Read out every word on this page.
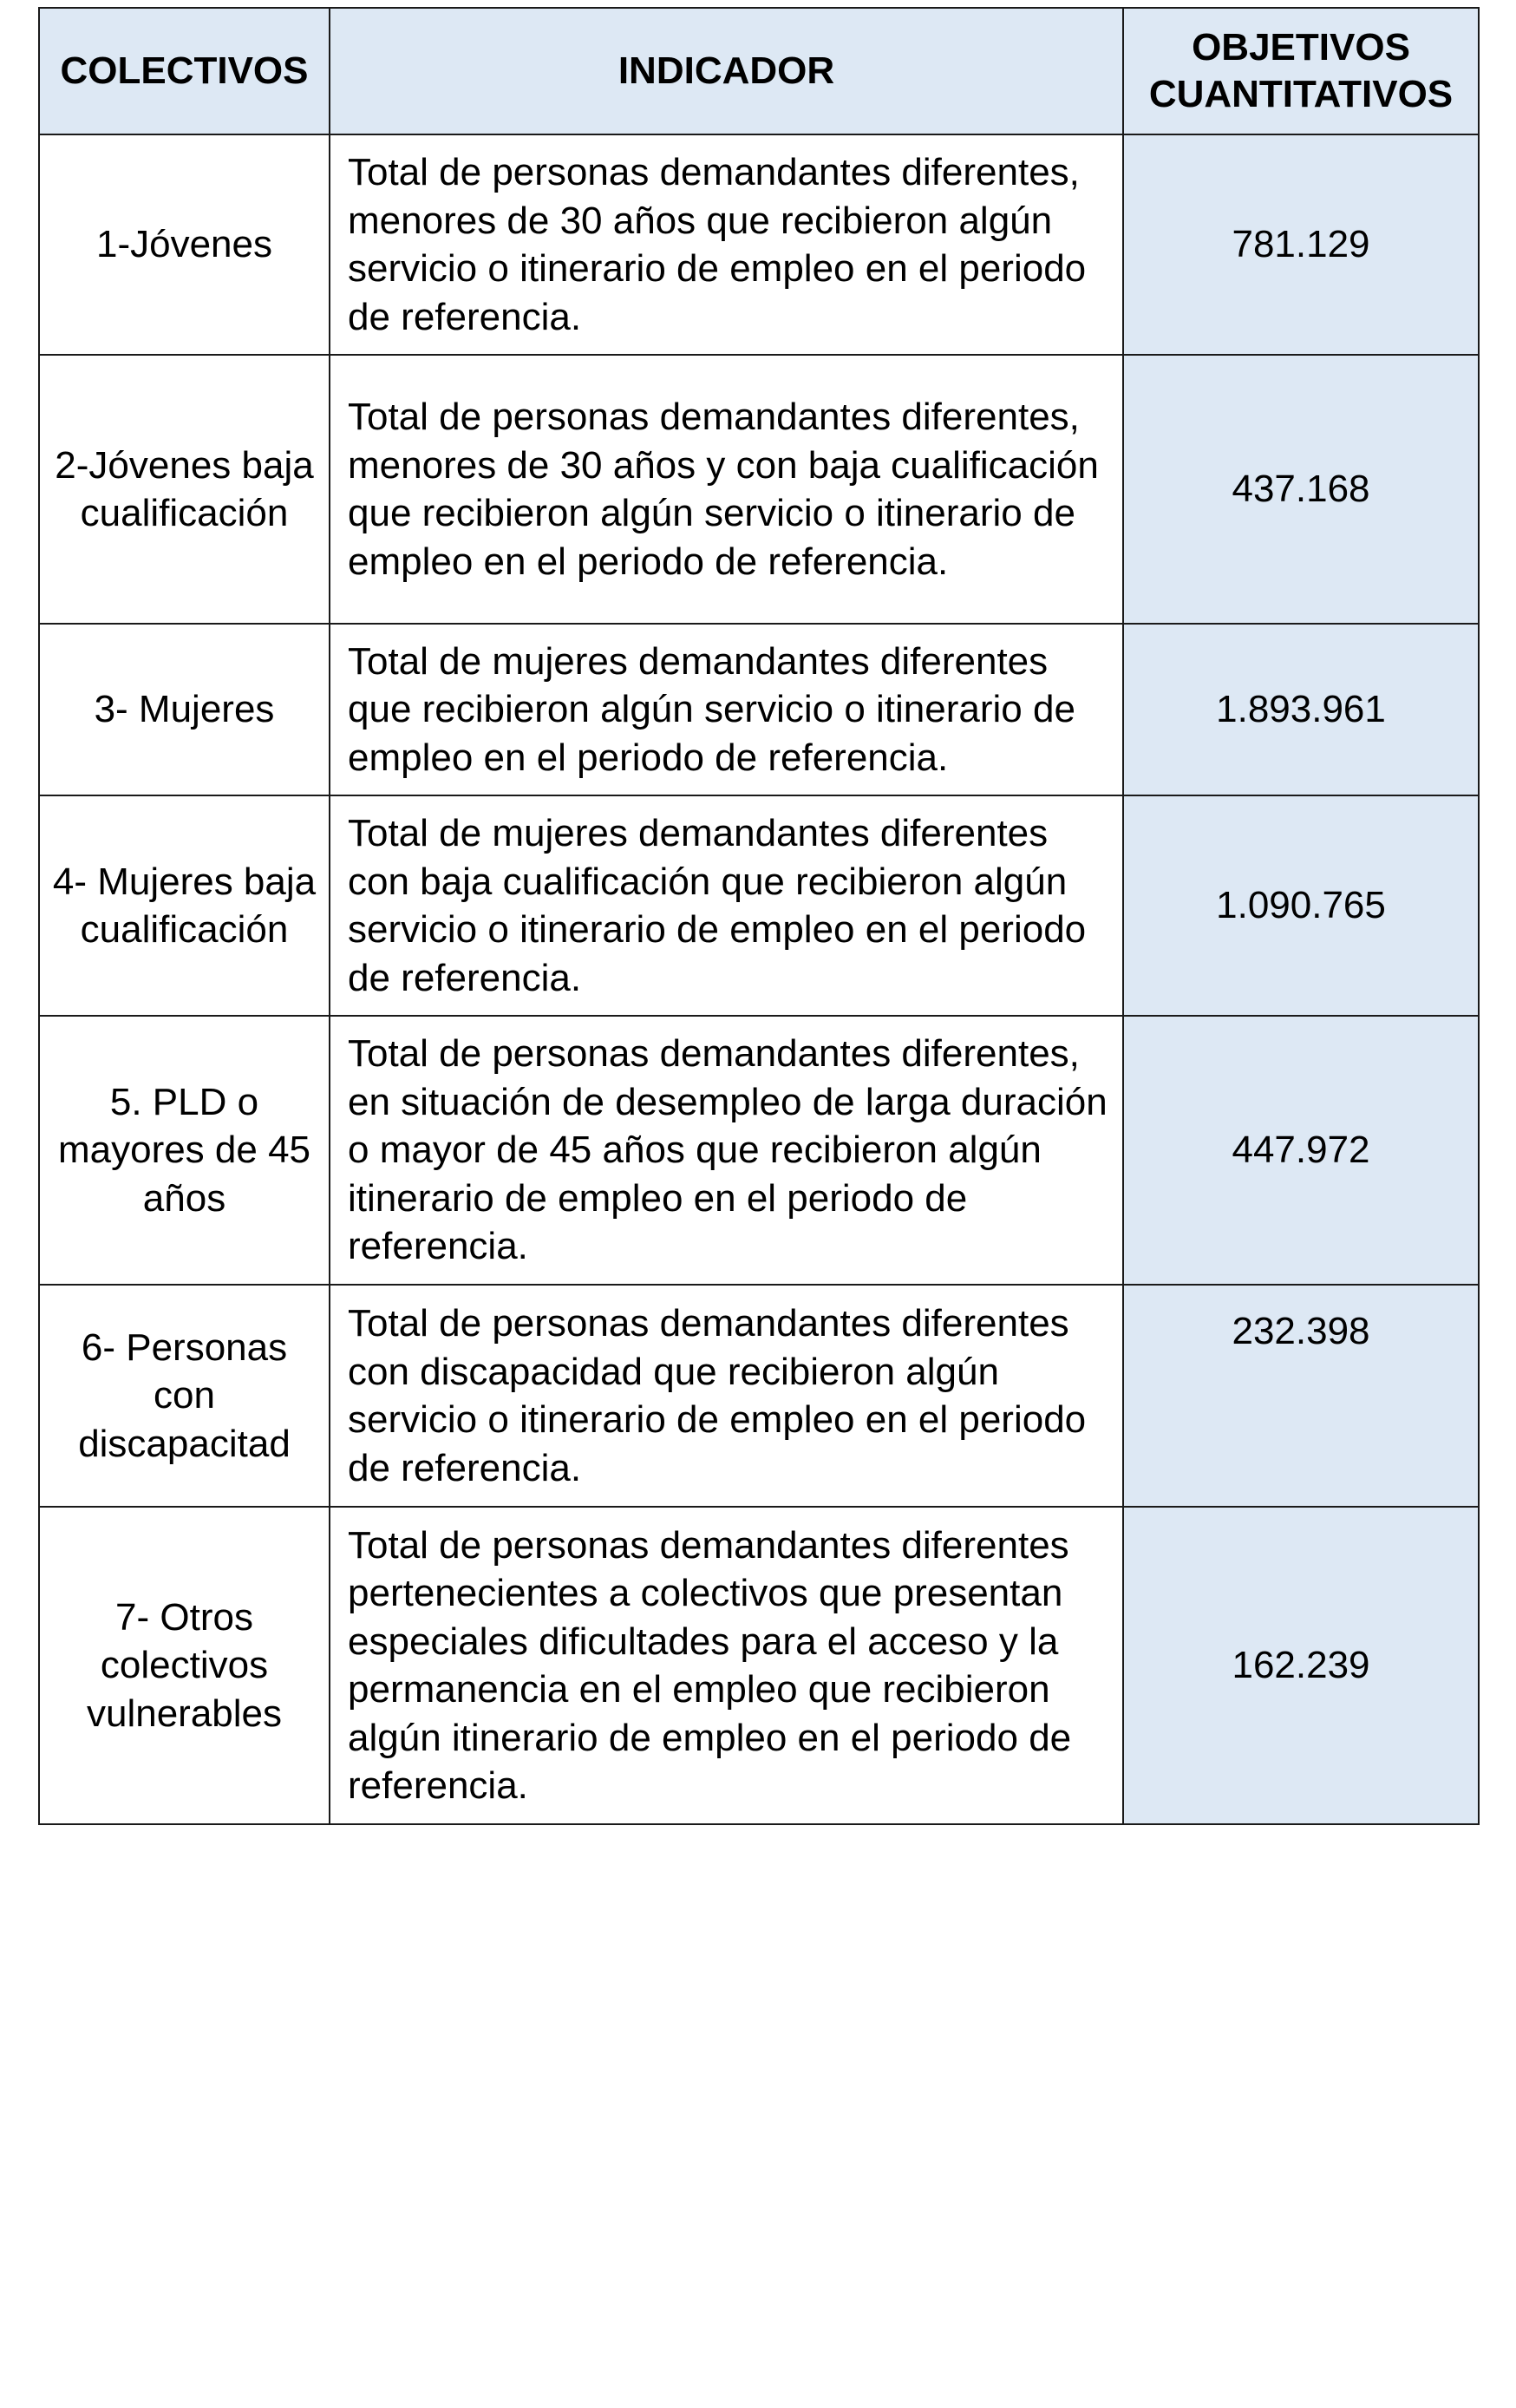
COLECTIVOS	INDICADOR	OBJETIVOS CUANTITATIVOS
1-Jóvenes	Total de personas demandantes diferentes, menores de 30 años que recibieron algún servicio o itinerario de empleo en el periodo de referencia.	781.129
2-Jóvenes baja cualificación	Total de personas demandantes diferentes, menores de 30 años y con baja cualificación que recibieron algún servicio o itinerario de empleo en el periodo de referencia.	437.168
3- Mujeres	Total de mujeres demandantes diferentes que recibieron algún servicio o itinerario de empleo en el periodo de referencia.	1.893.961
4- Mujeres baja cualificación	Total de mujeres demandantes diferentes con baja cualificación que recibieron algún servicio o itinerario de empleo en el periodo de referencia.	1.090.765
5. PLD o mayores de 45 años	Total de personas demandantes diferentes, en situación de desempleo de larga duración o mayor de 45 años que recibieron algún itinerario de empleo en el periodo de referencia.	447.972
6- Personas con discapacitad	Total de personas demandantes diferentes con discapacidad que recibieron algún servicio o itinerario de empleo en el periodo de referencia.	232.398
7- Otros colectivos vulnerables	Total de personas demandantes diferentes pertenecientes a colectivos que presentan especiales dificultades para el acceso y la permanencia en el empleo que recibieron algún itinerario de empleo en el periodo de referencia.	162.239
